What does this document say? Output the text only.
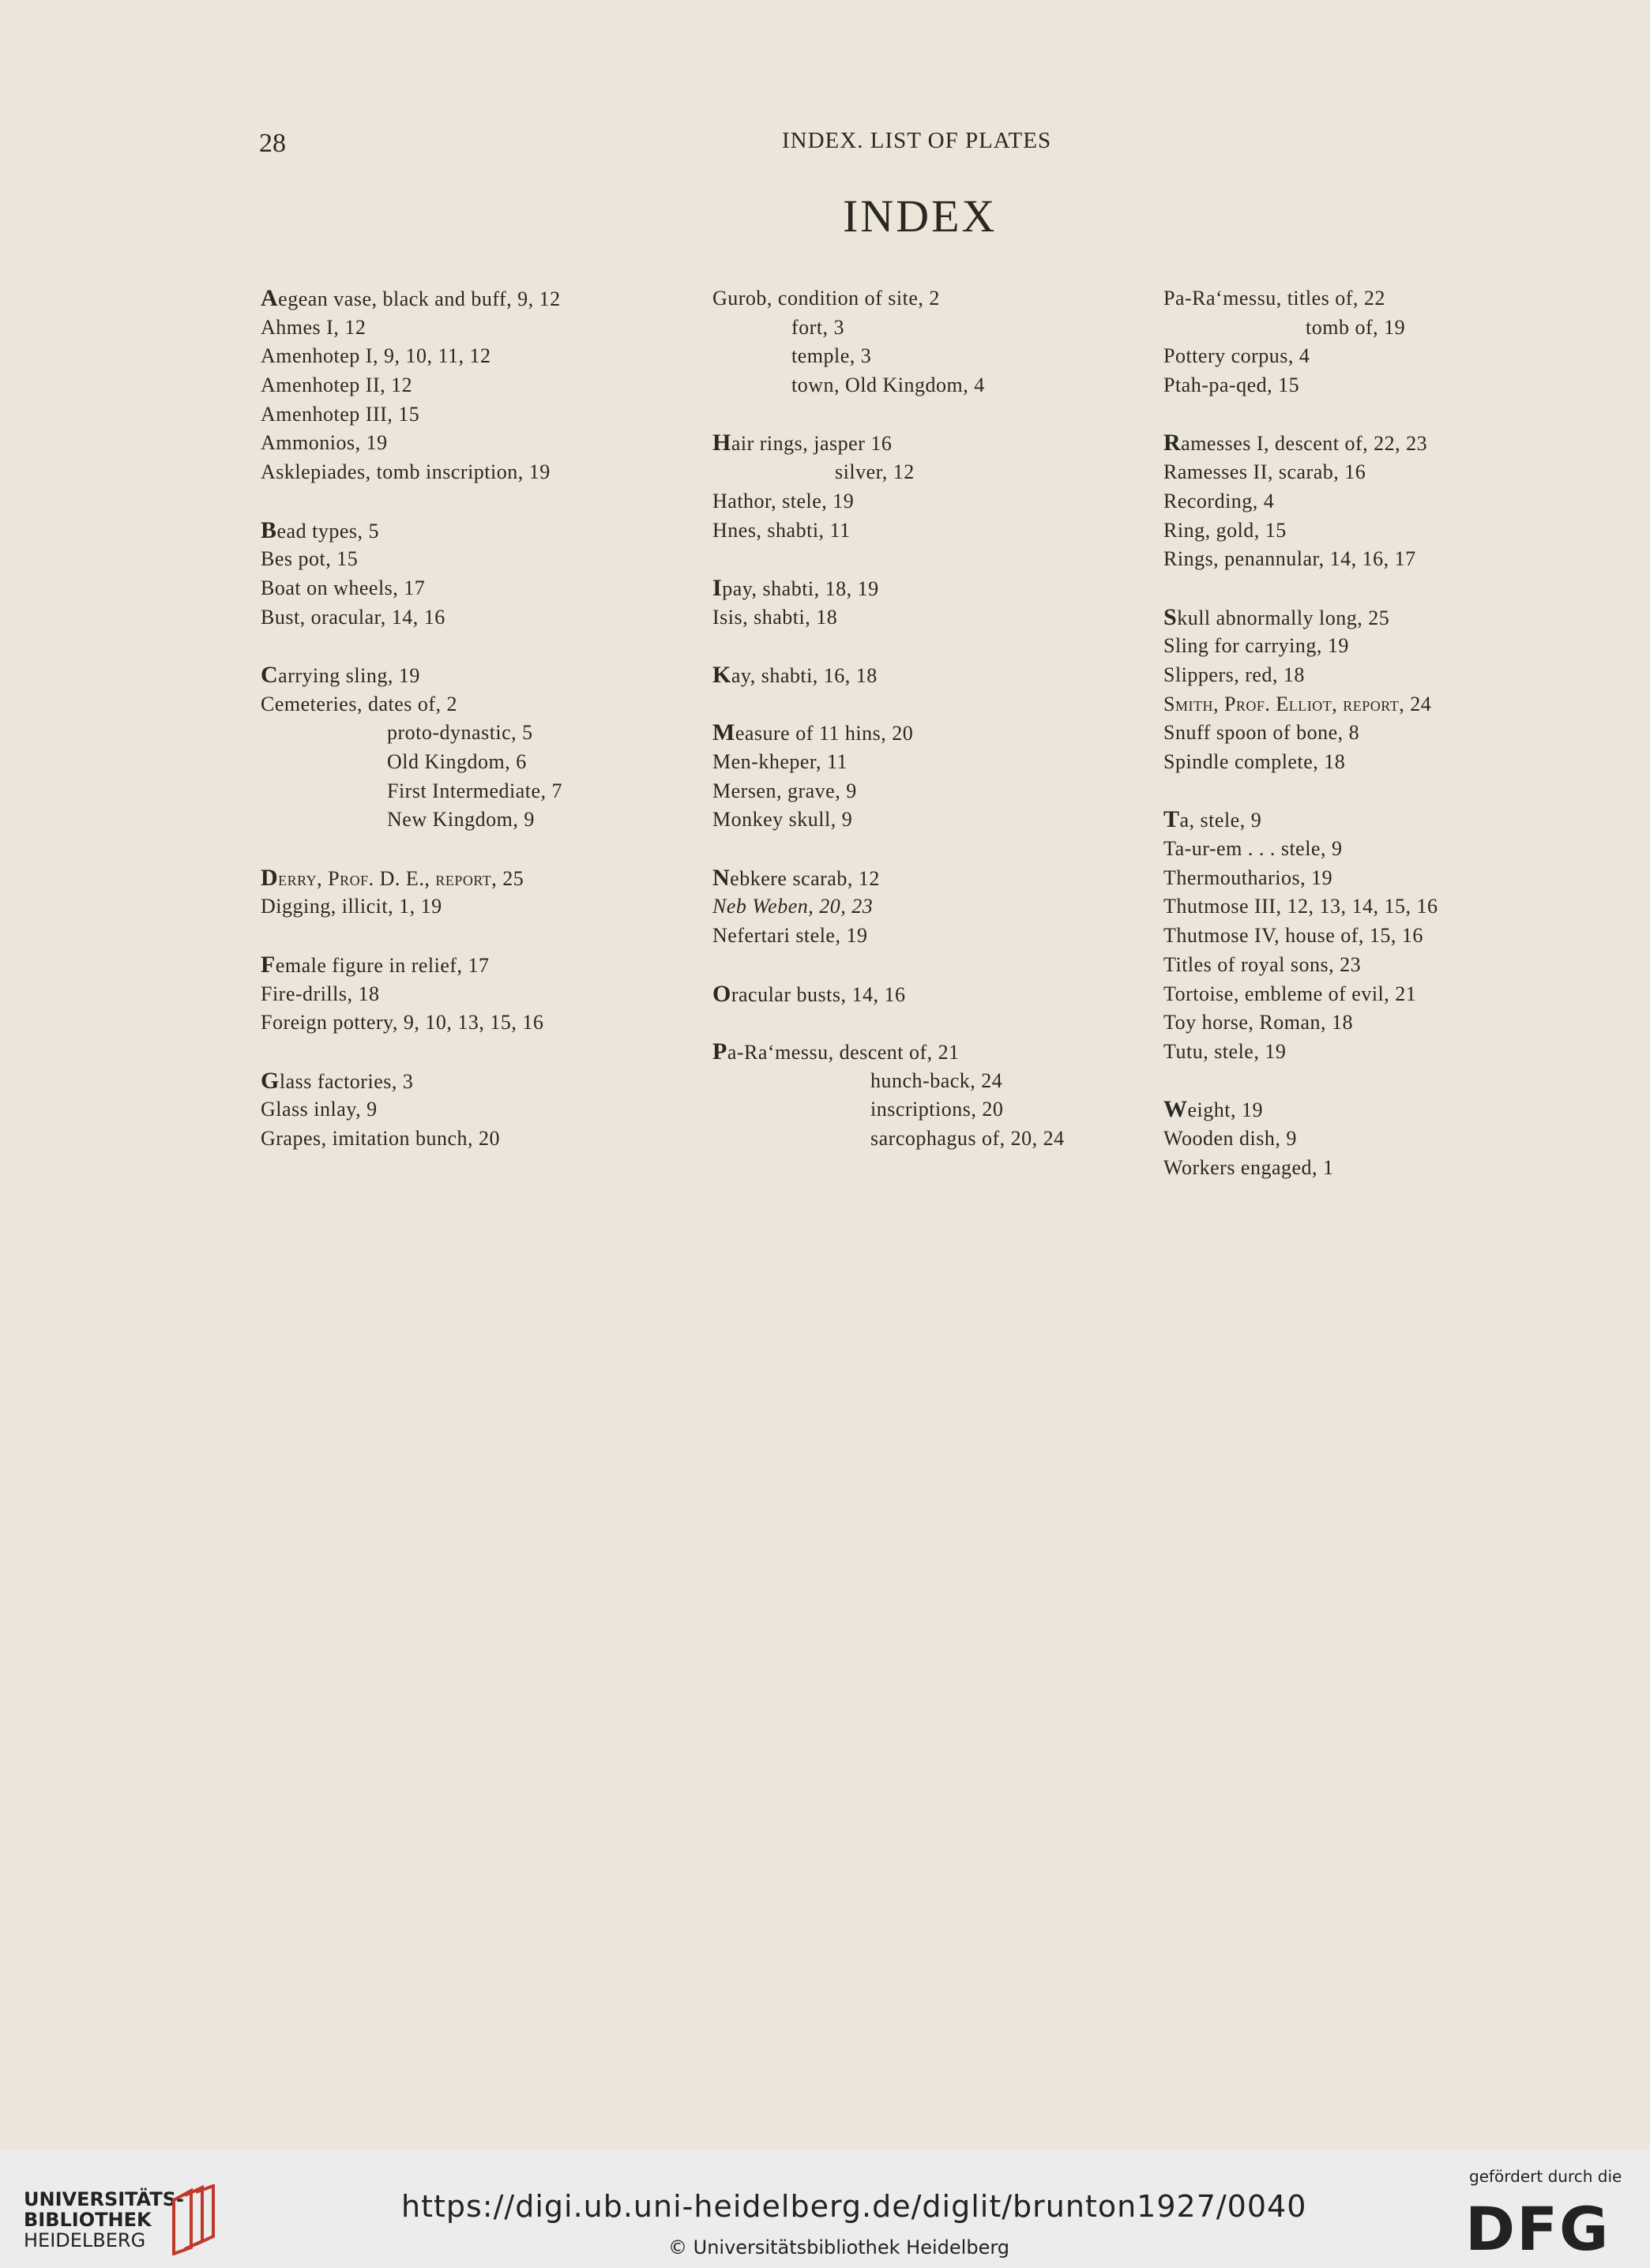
28	INDEX. LIST OF PLATES
INDEX
Aegean vase, black and buff, 9, 12
Ahmes I, 12
Amenhotep I, 9, 10, 11, 12
Amenhotep II, 12
Amenhotep III, 15
Ammonios, 19
Asklepiades, tomb inscription, 19
Bead types, 5
Bes pot, 15
Boat on wheels, 17
Bust, oracular, 14, 16
Carrying sling, 19
Cemeteries, dates of, 2
proto-dynastic, 5
Old Kingdom, 6
First Intermediate, 7
New Kingdom, 9
Derry, Prof. D. E., report, 25
Digging, illicit, 1, 19
Female figure in relief, 17
Fire-drills, 18
Foreign pottery, 9, 10, 13, 15, 16
Glass factories, 3
Glass inlay, 9
Grapes, imitation bunch, 20
Gurob, condition of site, 2
fort, 3
temple, 3
town, Old Kingdom, 4
Hair rings, jasper 16
silver, 12
Hathor, stele, 19
Hnes, shabti, 11
Ipay, shabti, 18, 19
Isis, shabti, 18
Kay, shabti, 16, 18
Measure of 11 hins, 20
Men-kheper, 11
Mersen, grave, 9
Monkey skull, 9
Nebkere scarab, 12
Neb Weben, 20, 23
Nefertari stele, 19
Oracular busts, 14, 16
Pa-Ra‘messu, descent of, 21
hunch-back, 24
inscriptions, 20
sarcophagus of, 20, 24
Pa-Ra‘messu, titles of, 22
tomb of, 19
Pottery corpus, 4
Ptah-pa-qed, 15
Ramesses I, descent of, 22, 23
Ramesses II, scarab, 16
Recording, 4
Ring, gold, 15
Rings, penannular, 14, 16, 17
Skull abnormally long, 25
Sling for carrying, 19
Slippers, red, 18
Smith, Prof. Elliot, report, 24
Snuff spoon of bone, 8
Spindle complete, 18
Ta, stele, 9
Ta-ur-em . . . stele, 9
Thermoutharios, 19
Thutmose III, 12, 13, 14, 15, 16
Thutmose IV, house of, 15, 16
Titles of royal sons, 23
Tortoise, embleme of evil, 21
Toy horse, Roman, 18
Tutu, stele, 19
Weight, 19
Wooden dish, 9
Workers engaged, 1
UNIVERSITÄTS-
BIBLIOTHEK
HEIDELBERG
https://digi.ub.uni-heidelberg.de/diglit/brunton1927/0040
© Universitätsbibliothek Heidelberg
gefördert durch die
DFG
